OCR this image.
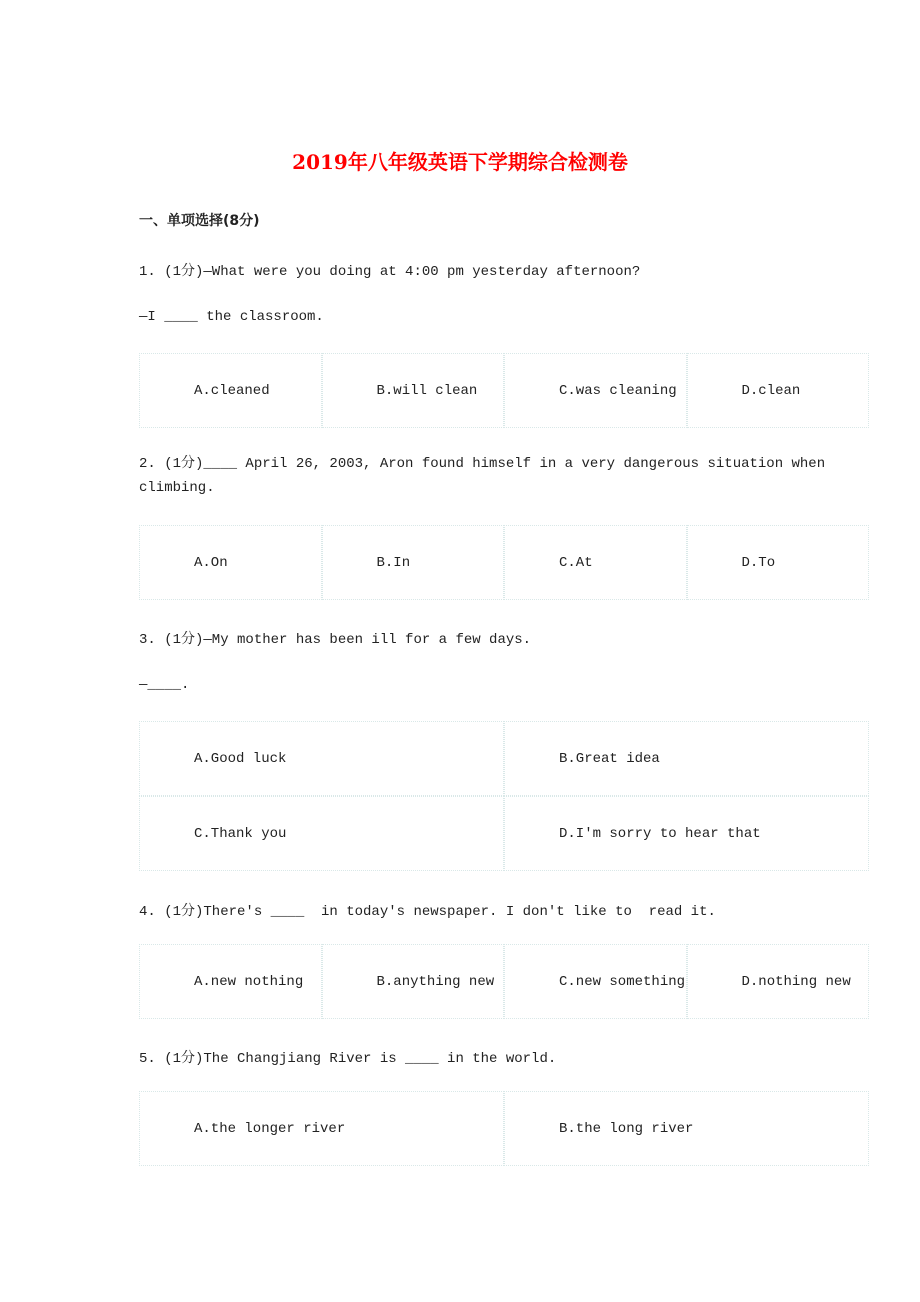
2019年八年级英语下学期综合检测卷
一、单项选择(8分)
1. (1分)—What were you doing at 4:00 pm yesterday afternoon?
—I ____ the classroom.
A.cleaned	B.will clean	C.was cleaning	D.clean
2. (1分)____ April 26, 2003, Aron found himself in a very dangerous situation when climbing.
A.On	B.In	C.At	D.To
3. (1分)—My mother has been ill for a few days.
—____.
A.Good luck	B.Great idea
C.Thank you	D.I'm sorry to hear that
4. (1分)There's ____  in today's newspaper. I don't like to  read it.
A.new nothing	B.anything new	C.new something	D.nothing new
5. (1分)The Changjiang River is ____ in the world.
A.the longer river	B.the long river
